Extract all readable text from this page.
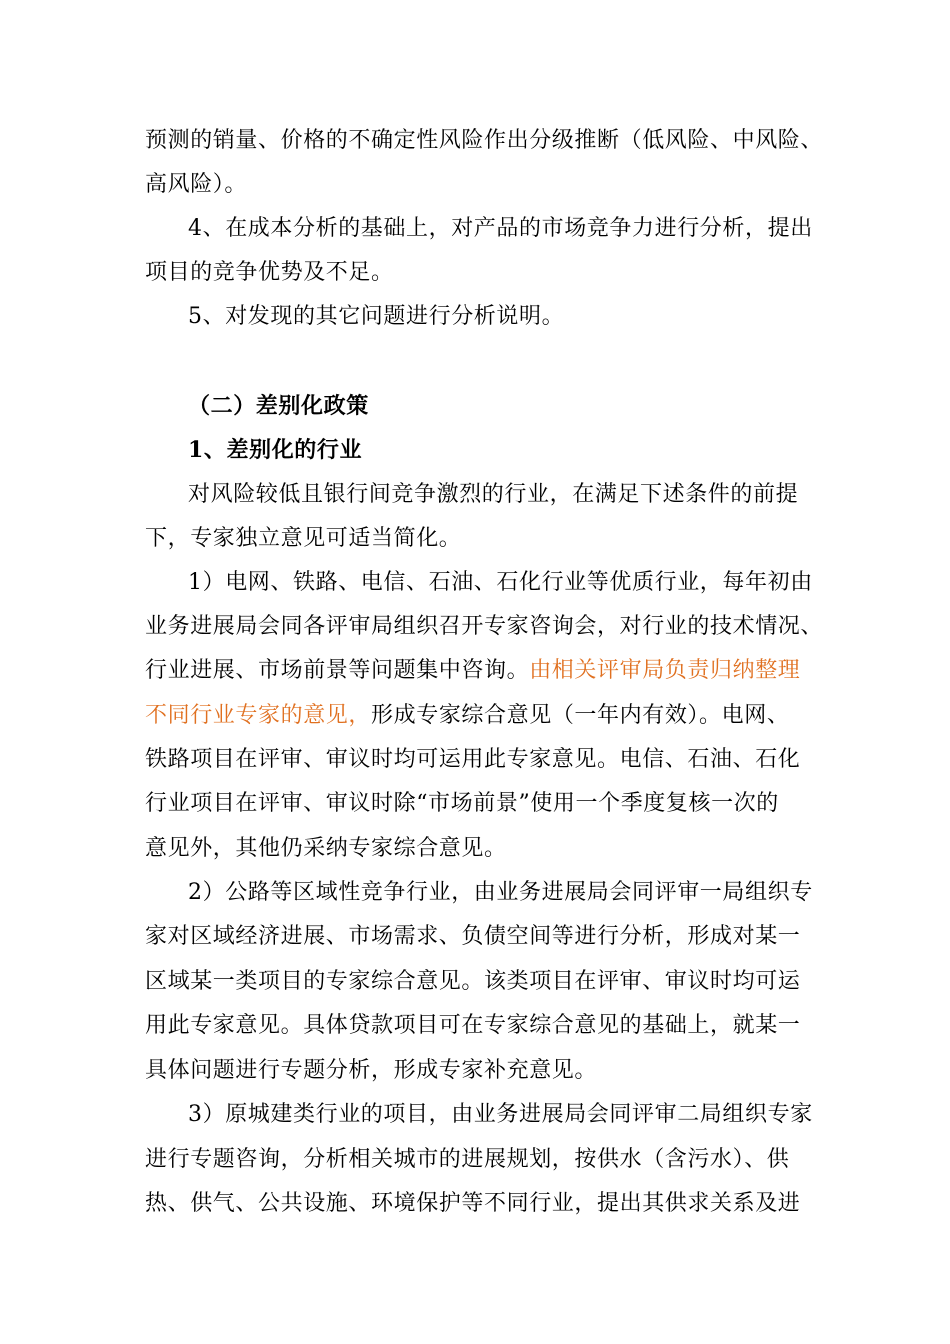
预测的销量、价格的不确定性风险作出分级推断（低风险、中风险、
高风险）。
4、在成本分析的基础上，对产品的市场竞争力进行分析，提出
项目的竞争优势及不足。
5、对发现的其它问题进行分析说明。
（二）差别化政策
1、差别化的行业
对风险较低且银行间竞争激烈的行业，在满足下述条件的前提
下，专家独立意见可适当简化。
1）电网、铁路、电信、石油、石化行业等优质行业，每年初由
业务进展局会同各评审局组织召开专家咨询会，对行业的技术情况、
行业进展、市场前景等问题集中咨询。由相关评审局负责归纳整理
不同行业专家的意见，形成专家综合意见（一年内有效）。电网、
铁路项目在评审、审议时均可运用此专家意见。电信、石油、石化
行业项目在评审、审议时除“市场前景”使用一个季度复核一次的
意见外，其他仍采纳专家综合意见。
2）公路等区域性竞争行业，由业务进展局会同评审一局组织专
家对区域经济进展、市场需求、负债空间等进行分析，形成对某一
区域某一类项目的专家综合意见。该类项目在评审、审议时均可运
用此专家意见。具体贷款项目可在专家综合意见的基础上，就某一
具体问题进行专题分析，形成专家补充意见。
3）原城建类行业的项目，由业务进展局会同评审二局组织专家
进行专题咨询，分析相关城市的进展规划，按供水（含污水）、供
热、供气、公共设施、环境保护等不同行业，提出其供求关系及进
